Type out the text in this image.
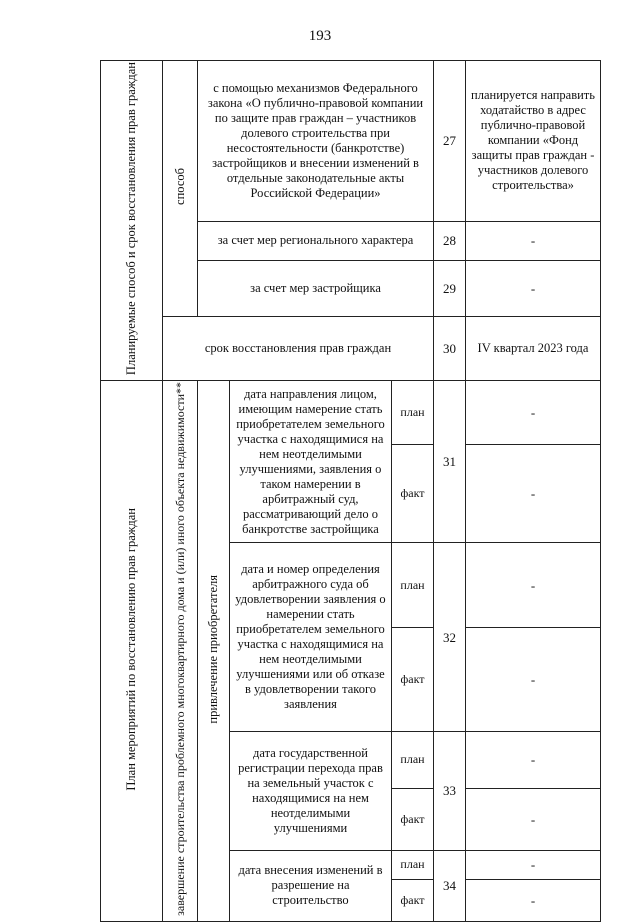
193
Планируемые способ и срок восстановления прав граждан	способ	с помощью механизмов Федерального закона «О публично-правовой компании по защите прав граждан – участников долевого строительства при несостоятельности (банкротстве) застройщиков и внесении изменений в отдельные законодательные акты Российской Федерации»			27	планируется направить ходатайство в адрес публично-правовой компании «Фонд защиты прав граждан - участников долевого строительства»
		за счет мер регионального характера			28	-
		за счет мер застройщика			29	-
	срок восстановления прав граждан				30	IV квартал 2023 года
План мероприятий по восстановлению прав граждан	завершение строительства проблемного многоквартирного дома и (или) иного объекта недвижимости**	привлечение приобретателя	дата направления лицом, имеющим намерение стать приобретателем земельного участка с находящимися на нем неотделимыми улучшениями, заявления о таком намерении в арбитражный суд, рассматривающий дело о банкротстве застройщика	план	31	-
				факт		-
			дата и номер определения арбитражного суда об удовлетворении заявления о намерении стать приобретателем земельного участка с находящимися на нем неотделимыми улучшениями или об отказе в удовлетворении такого заявления	план	32	-
				факт		-
			дата государственной регистрации перехода прав на земельный участок с находящимися на нем неотделимыми улучшениями	план	33	-
				факт		-
			дата внесения изменений в разрешение на строительство	план	34	-
				факт		-
